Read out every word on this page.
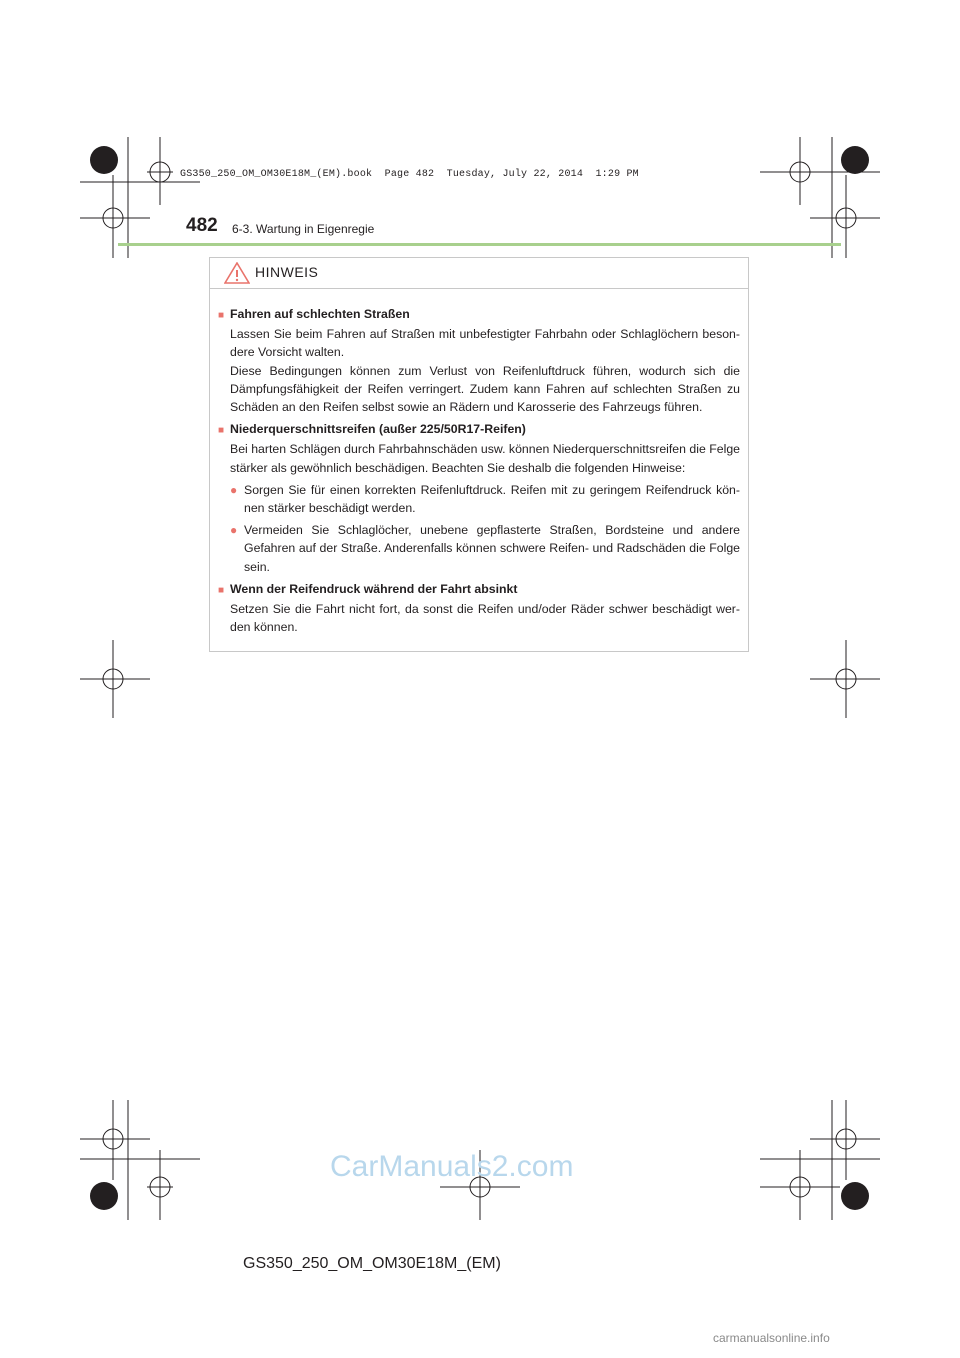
GS350_250_OM_OM30E18M_(EM).book  Page 482  Tuesday, July 22, 2014  1:29 PM
482 6-3. Wartung in Eigenregie
HINWEIS
■ Fahren auf schlechten Straßen
Lassen Sie beim Fahren auf Straßen mit unbefestigter Fahrbahn oder Schlaglöchern beson-dere Vorsicht walten.
Diese Bedingungen können zum Verlust von Reifenluftdruck führen, wodurch sich die Dämpfungsfähigkeit der Reifen verringert. Zudem kann Fahren auf schlechten Straßen zu Schäden an den Reifen selbst sowie an Rädern und Karosserie des Fahrzeugs führen.
■ Niederquerschnittsreifen (außer 225/50R17-Reifen)
Bei harten Schlägen durch Fahrbahnschäden usw. können Niederquerschnittsreifen die Felge stärker als gewöhnlich beschädigen. Beachten Sie deshalb die folgenden Hinweise:
● Sorgen Sie für einen korrekten Reifenluftdruck. Reifen mit zu geringem Reifendruck kön-nen stärker beschädigt werden.
● Vermeiden Sie Schlaglöcher, unebene gepflasterte Straßen, Bordsteine und andere Gefahren auf der Straße. Anderenfalls können schwere Reifen- und Radschäden die Folge sein.
■ Wenn der Reifendruck während der Fahrt absinkt
Setzen Sie die Fahrt nicht fort, da sonst die Reifen und/oder Räder schwer beschädigt wer-den können.
CarManuals2.com
GS350_250_OM_OM30E18M_(EM)
carmanualsonline.info
